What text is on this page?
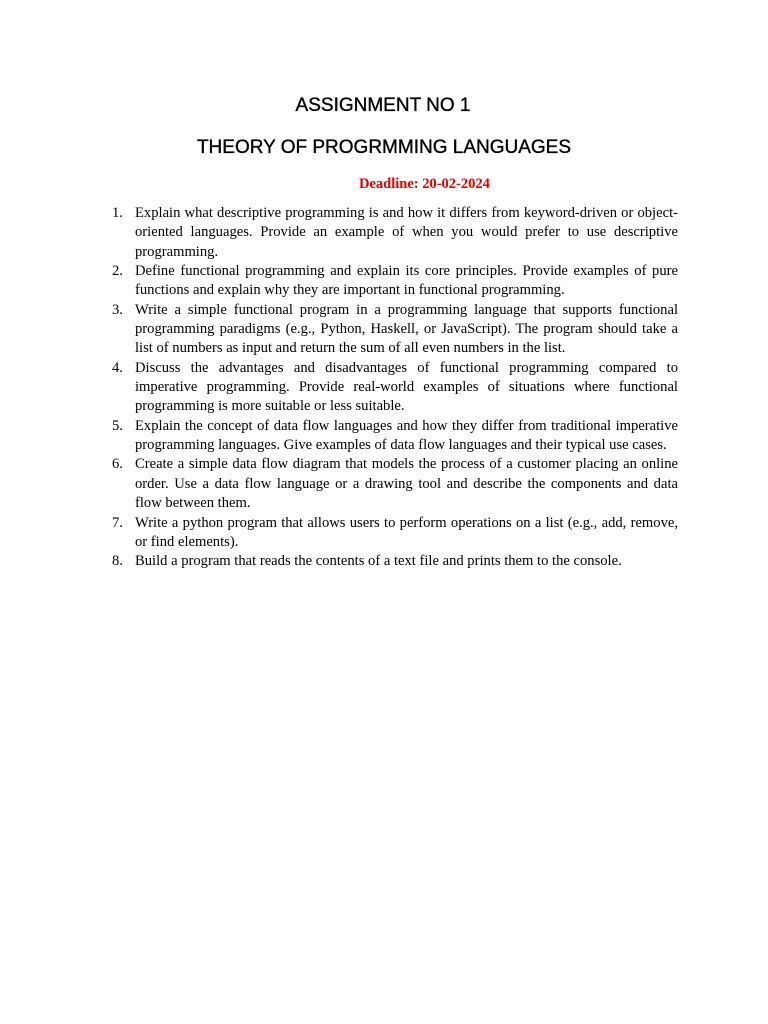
ASSIGNMENT NO 1
THEORY OF PROGRMMING LANGUAGES

Deadline: 20-02-2024

1. Explain what descriptive programming is and how it differs from keyword-driven or object-oriented languages. Provide an example of when you would prefer to use descriptive programming.
2. Define functional programming and explain its core principles. Provide examples of pure functions and explain why they are important in functional programming.
3. Write a simple functional program in a programming language that supports functional programming paradigms (e.g., Python, Haskell, or JavaScript). The program should take a list of numbers as input and return the sum of all even numbers in the list.
4. Discuss the advantages and disadvantages of functional programming compared to imperative programming. Provide real-world examples of situations where functional programming is more suitable or less suitable.
5. Explain the concept of data flow languages and how they differ from traditional imperative programming languages. Give examples of data flow languages and their typical use cases.
6. Create a simple data flow diagram that models the process of a customer placing an online order. Use a data flow language or a drawing tool and describe the components and data flow between them.
7. Write a python program that allows users to perform operations on a list (e.g., add, remove, or find elements).
8. Build a program that reads the contents of a text file and prints them to the console.
